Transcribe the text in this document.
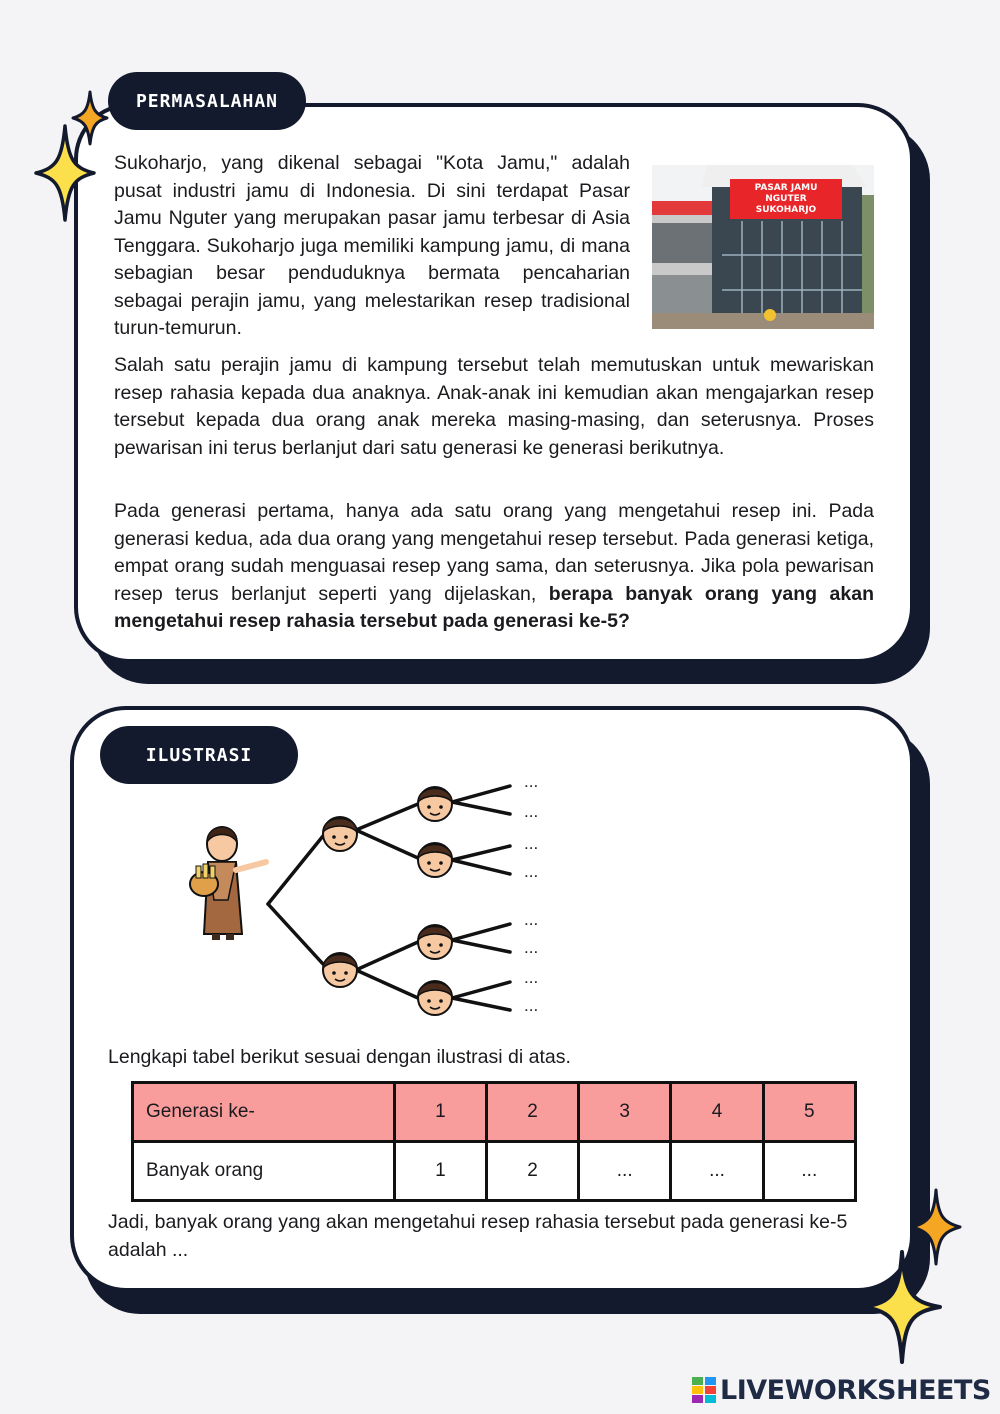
PERMASALAHAN

Sukoharjo, yang dikenal sebagai "Kota Jamu," adalah pusat industri jamu di Indonesia. Di sini terdapat Pasar Jamu Nguter yang merupakan pasar jamu terbesar di Asia Tenggara. Sukoharjo juga memiliki kampung jamu, di mana sebagian besar penduduknya bermata pencaharian sebagai perajin jamu, yang melestarikan resep tradisional turun-temurun.

PASAR JAMU
NGUTER
SUKOHARJO

Salah satu perajin jamu di kampung tersebut telah memutuskan untuk mewariskan resep rahasia kepada dua anaknya. Anak-anak ini kemudian akan mengajarkan resep tersebut kepada dua orang anak mereka masing-masing, dan seterusnya. Proses pewarisan ini terus berlanjut dari satu generasi ke generasi berikutnya.

Pada generasi pertama, hanya ada satu orang yang mengetahui resep ini. Pada generasi kedua, ada dua orang yang mengetahui resep tersebut. Pada generasi ketiga, empat orang sudah menguasai resep yang sama, dan seterusnya. Jika pola pewarisan resep terus berlanjut seperti yang dijelaskan, berapa banyak orang yang akan mengetahui resep rahasia tersebut pada generasi ke-5?

ILUSTRASI
...
...
...
...
...
...
...
...

Lengkapi tabel berikut sesuai dengan ilustrasi di atas.

Generasi ke-	1	2	3	4	5
Banyak orang	1	2	...	...	...

Jadi, banyak orang yang akan mengetahui resep rahasia tersebut pada generasi ke-5 adalah ...

LIVEWORKSHEETS
